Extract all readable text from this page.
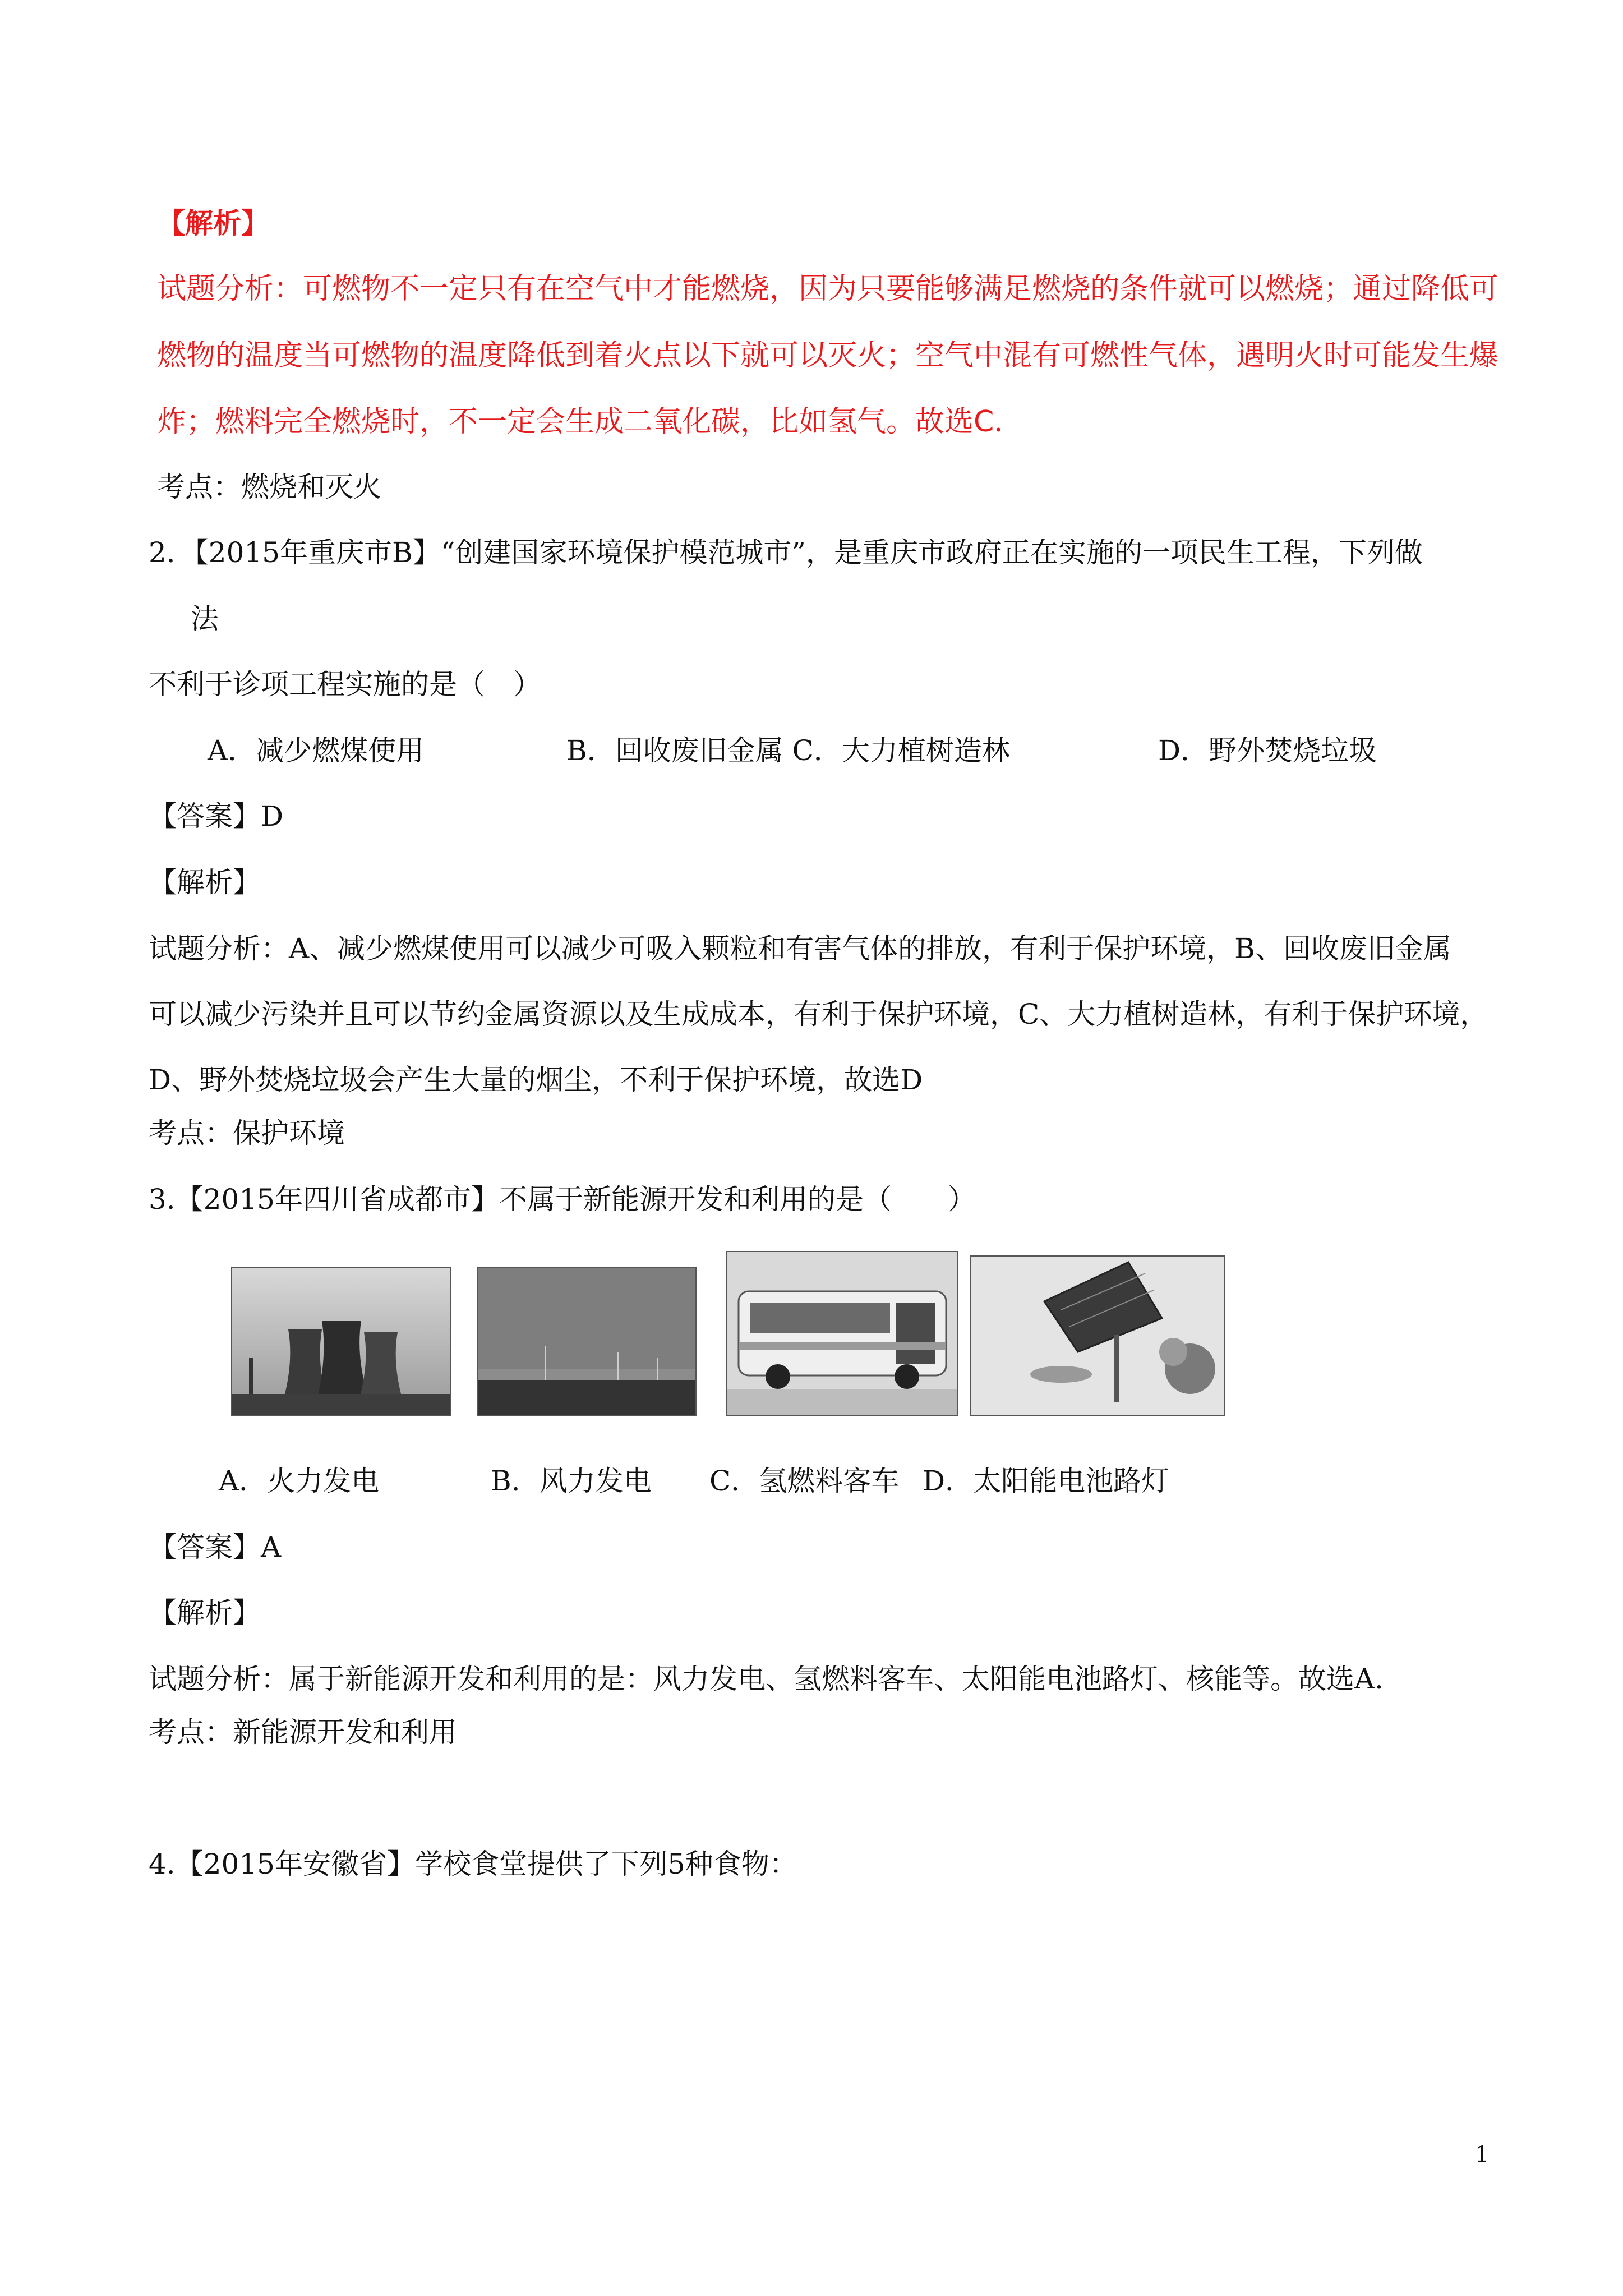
【解析】
试题分析：可燃物不一定只有在空气中才能燃烧，因为只要能够满足燃烧的条件就可以燃烧；通过降低可
燃物的温度当可燃物的温度降低到着火点以下就可以灭火；空气中混有可燃性气体，遇明火时可能发生爆
炸；燃料完全燃烧时，不一定会生成二氧化碳，比如氢气。故选C．
考点：燃烧和灭火
2．【2015年重庆市B】“创建国家环境保护模范城市”，是重庆市政府正在实施的一项民生工程，下列做
法
不利于诊项工程实施的是（　）
A．减少燃煤使用	B．回收废旧金属 C．大力植树造林	D．野外焚烧垃圾
【答案】D
【解析】
试题分析：A、减少燃煤使用可以减少可吸入颗粒和有害气体的排放，有利于保护环境，B、回收废旧金属
可以减少污染并且可以节约金属资源以及生成成本，有利于保护环境，C、大力植树造林，有利于保护环境，
D、野外焚烧垃圾会产生大量的烟尘，不利于保护环境，故选D
考点：保护环境
3.【2015年四川省成都市】不属于新能源开发和利用的是（　　）
A．火力发电	B．风力发电 C．氢燃料客车 D．太阳能电池路灯
【答案】A
【解析】
试题分析：属于新能源开发和利用的是：风力发电、氢燃料客车、太阳能电池路灯、核能等。故选A.
考点：新能源开发和利用
4.【2015年安徽省】学校食堂提供了下列5种食物：
1
